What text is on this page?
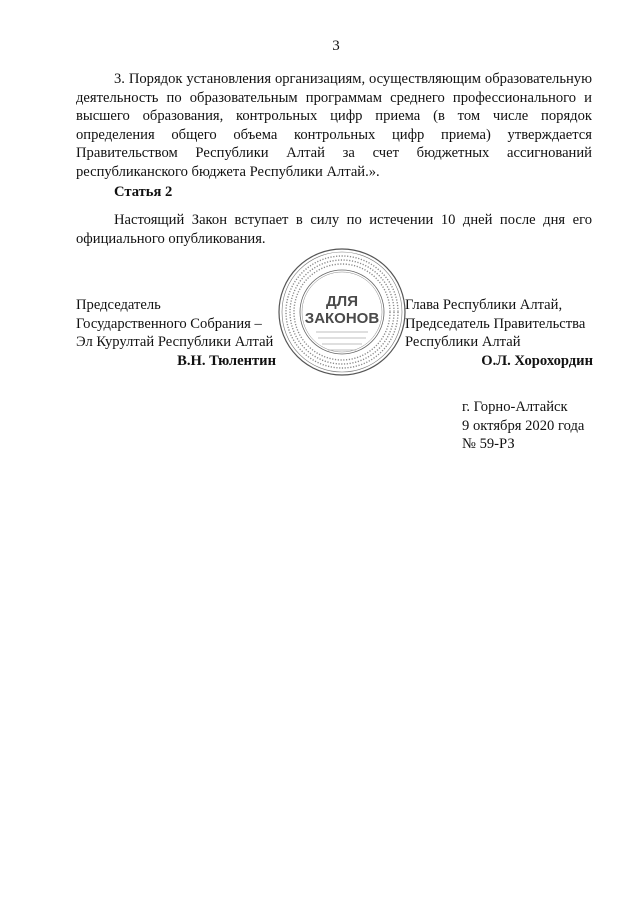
3

3. Порядок установления организациям, осуществляющим образовательную деятельность по образовательным программам среднего профессионального и высшего образования, контрольных цифр приема (в том числе порядок определения общего объема контрольных цифр приема) утверждается Правительством Республики Алтай за счет бюджетных ассигнований республиканского бюджета Республики Алтай.».

Статья 2

Настоящий Закон вступает в силу по истечении 10 дней после дня его официального опубликования.

Председатель
Государственного Собрания –
Эл Курултай Республики Алтай
В.Н. Тюлентин
ДЛЯ
ЗАКОНОВ
Глава Республики Алтай,
Председатель Правительства
Республики Алтай
О.Л. Хорохордин
г. Горно-Алтайск
9 октября 2020 года
№ 59-РЗ
